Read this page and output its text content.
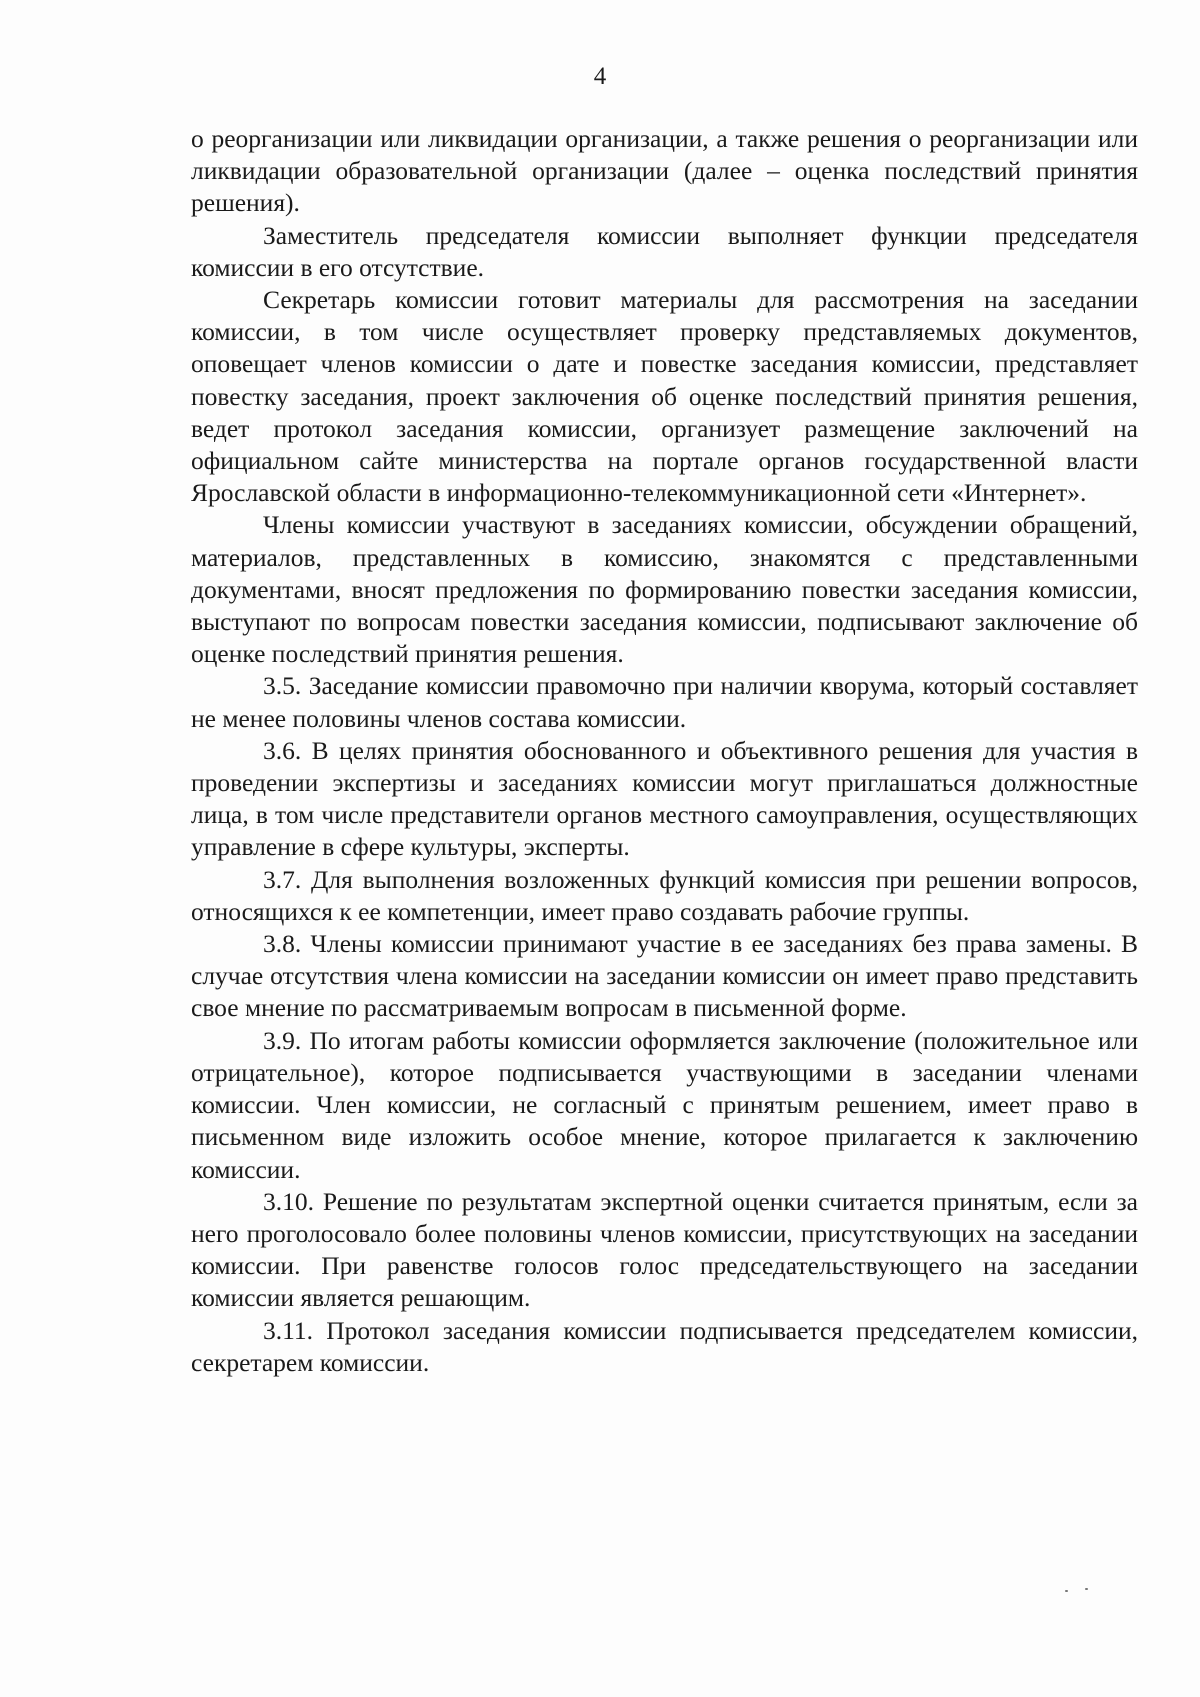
4

о реорганизации или ликвидации организации, а также решения о реорганизации или ликвидации образовательной организации (далее – оценка последствий принятия решения).

Заместитель председателя комиссии выполняет функции председателя комиссии в его отсутствие.

Секретарь комиссии готовит материалы для рассмотрения на заседании комиссии, в том числе осуществляет проверку представляемых документов, оповещает членов комиссии о дате и повестке заседания комиссии, представляет повестку заседания, проект заключения об оценке последствий принятия решения, ведет протокол заседания комиссии, организует размещение заключений на официальном сайте министерства на портале органов государственной власти Ярославской области в информационно-телекоммуникационной сети «Интернет».

Члены комиссии участвуют в заседаниях комиссии, обсуждении обращений, материалов, представленных в комиссию, знакомятся с представленными документами, вносят предложения по формированию повестки заседания комиссии, выступают по вопросам повестки заседания комиссии, подписывают заключение об оценке последствий принятия решения.

3.5. Заседание комиссии правомочно при наличии кворума, который составляет не менее половины членов состава комиссии.

3.6. В целях принятия обоснованного и объективного решения для участия в проведении экспертизы и заседаниях комиссии могут приглашаться должностные лица, в том числе представители органов местного самоуправления, осуществляющих управление в сфере культуры, эксперты.

3.7. Для выполнения возложенных функций комиссия при решении вопросов, относящихся к ее компетенции, имеет право создавать рабочие группы.

3.8. Члены комиссии принимают участие в ее заседаниях без права замены. В случае отсутствия члена комиссии на заседании комиссии он имеет право представить свое мнение по рассматриваемым вопросам в письменной форме.

3.9. По итогам работы комиссии оформляется заключение (положительное или отрицательное), которое подписывается участвующими в заседании членами комиссии. Член комиссии, не согласный с принятым решением, имеет право в письменном виде изложить особое мнение, которое прилагается к заключению комиссии.

3.10. Решение по результатам экспертной оценки считается принятым, если за него проголосовало более половины членов комиссии, присутствующих на заседании комиссии. При равенстве голосов голос председательствующего на заседании комиссии является решающим.

3.11. Протокол заседания комиссии подписывается председателем комиссии, секретарем комиссии.
